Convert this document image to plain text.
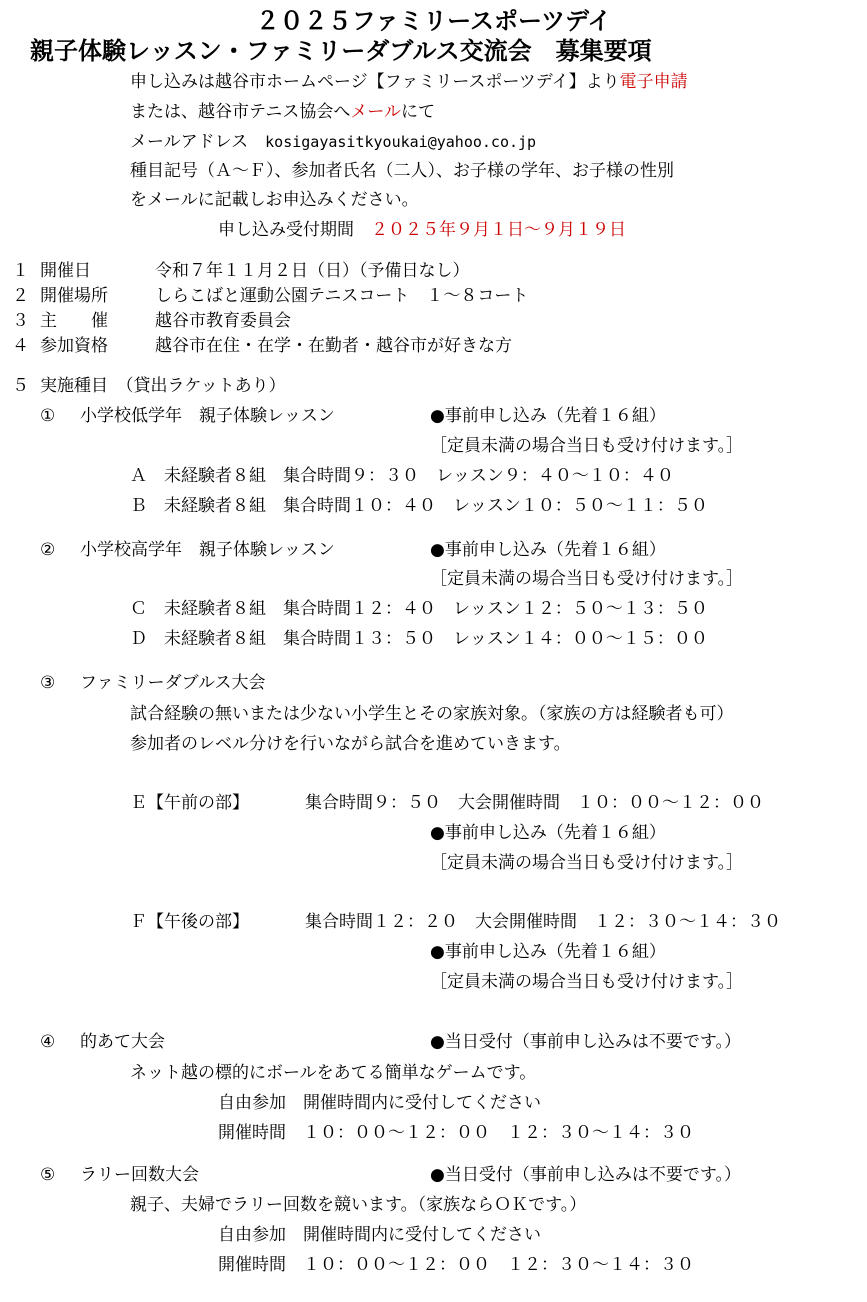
２０２５ファミリースポーツデイ
親子体験レッスン・ファミリーダブルス交流会　募集要項
申し込みは越谷市ホームページ【ファミリースポーツデイ】より電子申請
または、越谷市テニス協会へメールにて
メールアドレス　 kosigayasitkyoukai@yahoo.co.jp
種目記号（Ａ～Ｆ）、参加者氏名（二人）、お子様の学年、お子様の性別
をメールに記載しお申込みください。
申し込み受付期間　 ２０２５年９月１日～９月１９日
１ 開催日	令和７年１１月２日（日）（予備日なし）
２ 開催場所	しらこばと運動公園テニスコート　１～８コート
３ 主　　催	越谷市教育委員会
４ 参加資格	越谷市在住・在学・在勤者・越谷市が好きな方
５ 実施種目　（貸出ラケットあり）
① 小学校低学年　親子体験レッスン	●事前申し込み（先着１６組）
［定員未満の場合当日も受け付けます。］
Ａ　未経験者８組　集合時間９：３０　レッスン９：４０～１０：４０
Ｂ　未経験者８組　集合時間１０：４０　レッスン１０：５０～１１：５０
② 小学校高学年　親子体験レッスン	●事前申し込み（先着１６組）
［定員未満の場合当日も受け付けます。］
Ｃ　未経験者８組　集合時間１２：４０　レッスン１２：５０～１３：５０
Ｄ　未経験者８組　集合時間１３：５０　レッスン１４：００～１５：００
③ ファミリーダブルス大会
試合経験の無いまたは少ない小学生とその家族対象。（家族の方は経験者も可）
参加者のレベル分けを行いながら試合を進めていきます。
Ｅ【午前の部】	集合時間９：５０　大会開催時間　１０：００～１２：００
●事前申し込み（先着１６組）
［定員未満の場合当日も受け付けます。］
Ｆ【午後の部】	集合時間１２：２０　大会開催時間　１２：３０～１４：３０
●事前申し込み（先着１６組）
［定員未満の場合当日も受け付けます。］
④ 的あて大会	●当日受付（事前申し込みは不要です。）
ネット越の標的にボールをあてる簡単なゲームです。
自由参加　開催時間内に受付してください
開催時間　１０：００～１２：００　１２：３０～１４：３０
⑤ ラリー回数大会	●当日受付（事前申し込みは不要です。）
親子、夫婦でラリー回数を競います。（家族ならＯＫです。）
自由参加　開催時間内に受付してください
開催時間　１０：００～１２：００　１２：３０～１４：３０
